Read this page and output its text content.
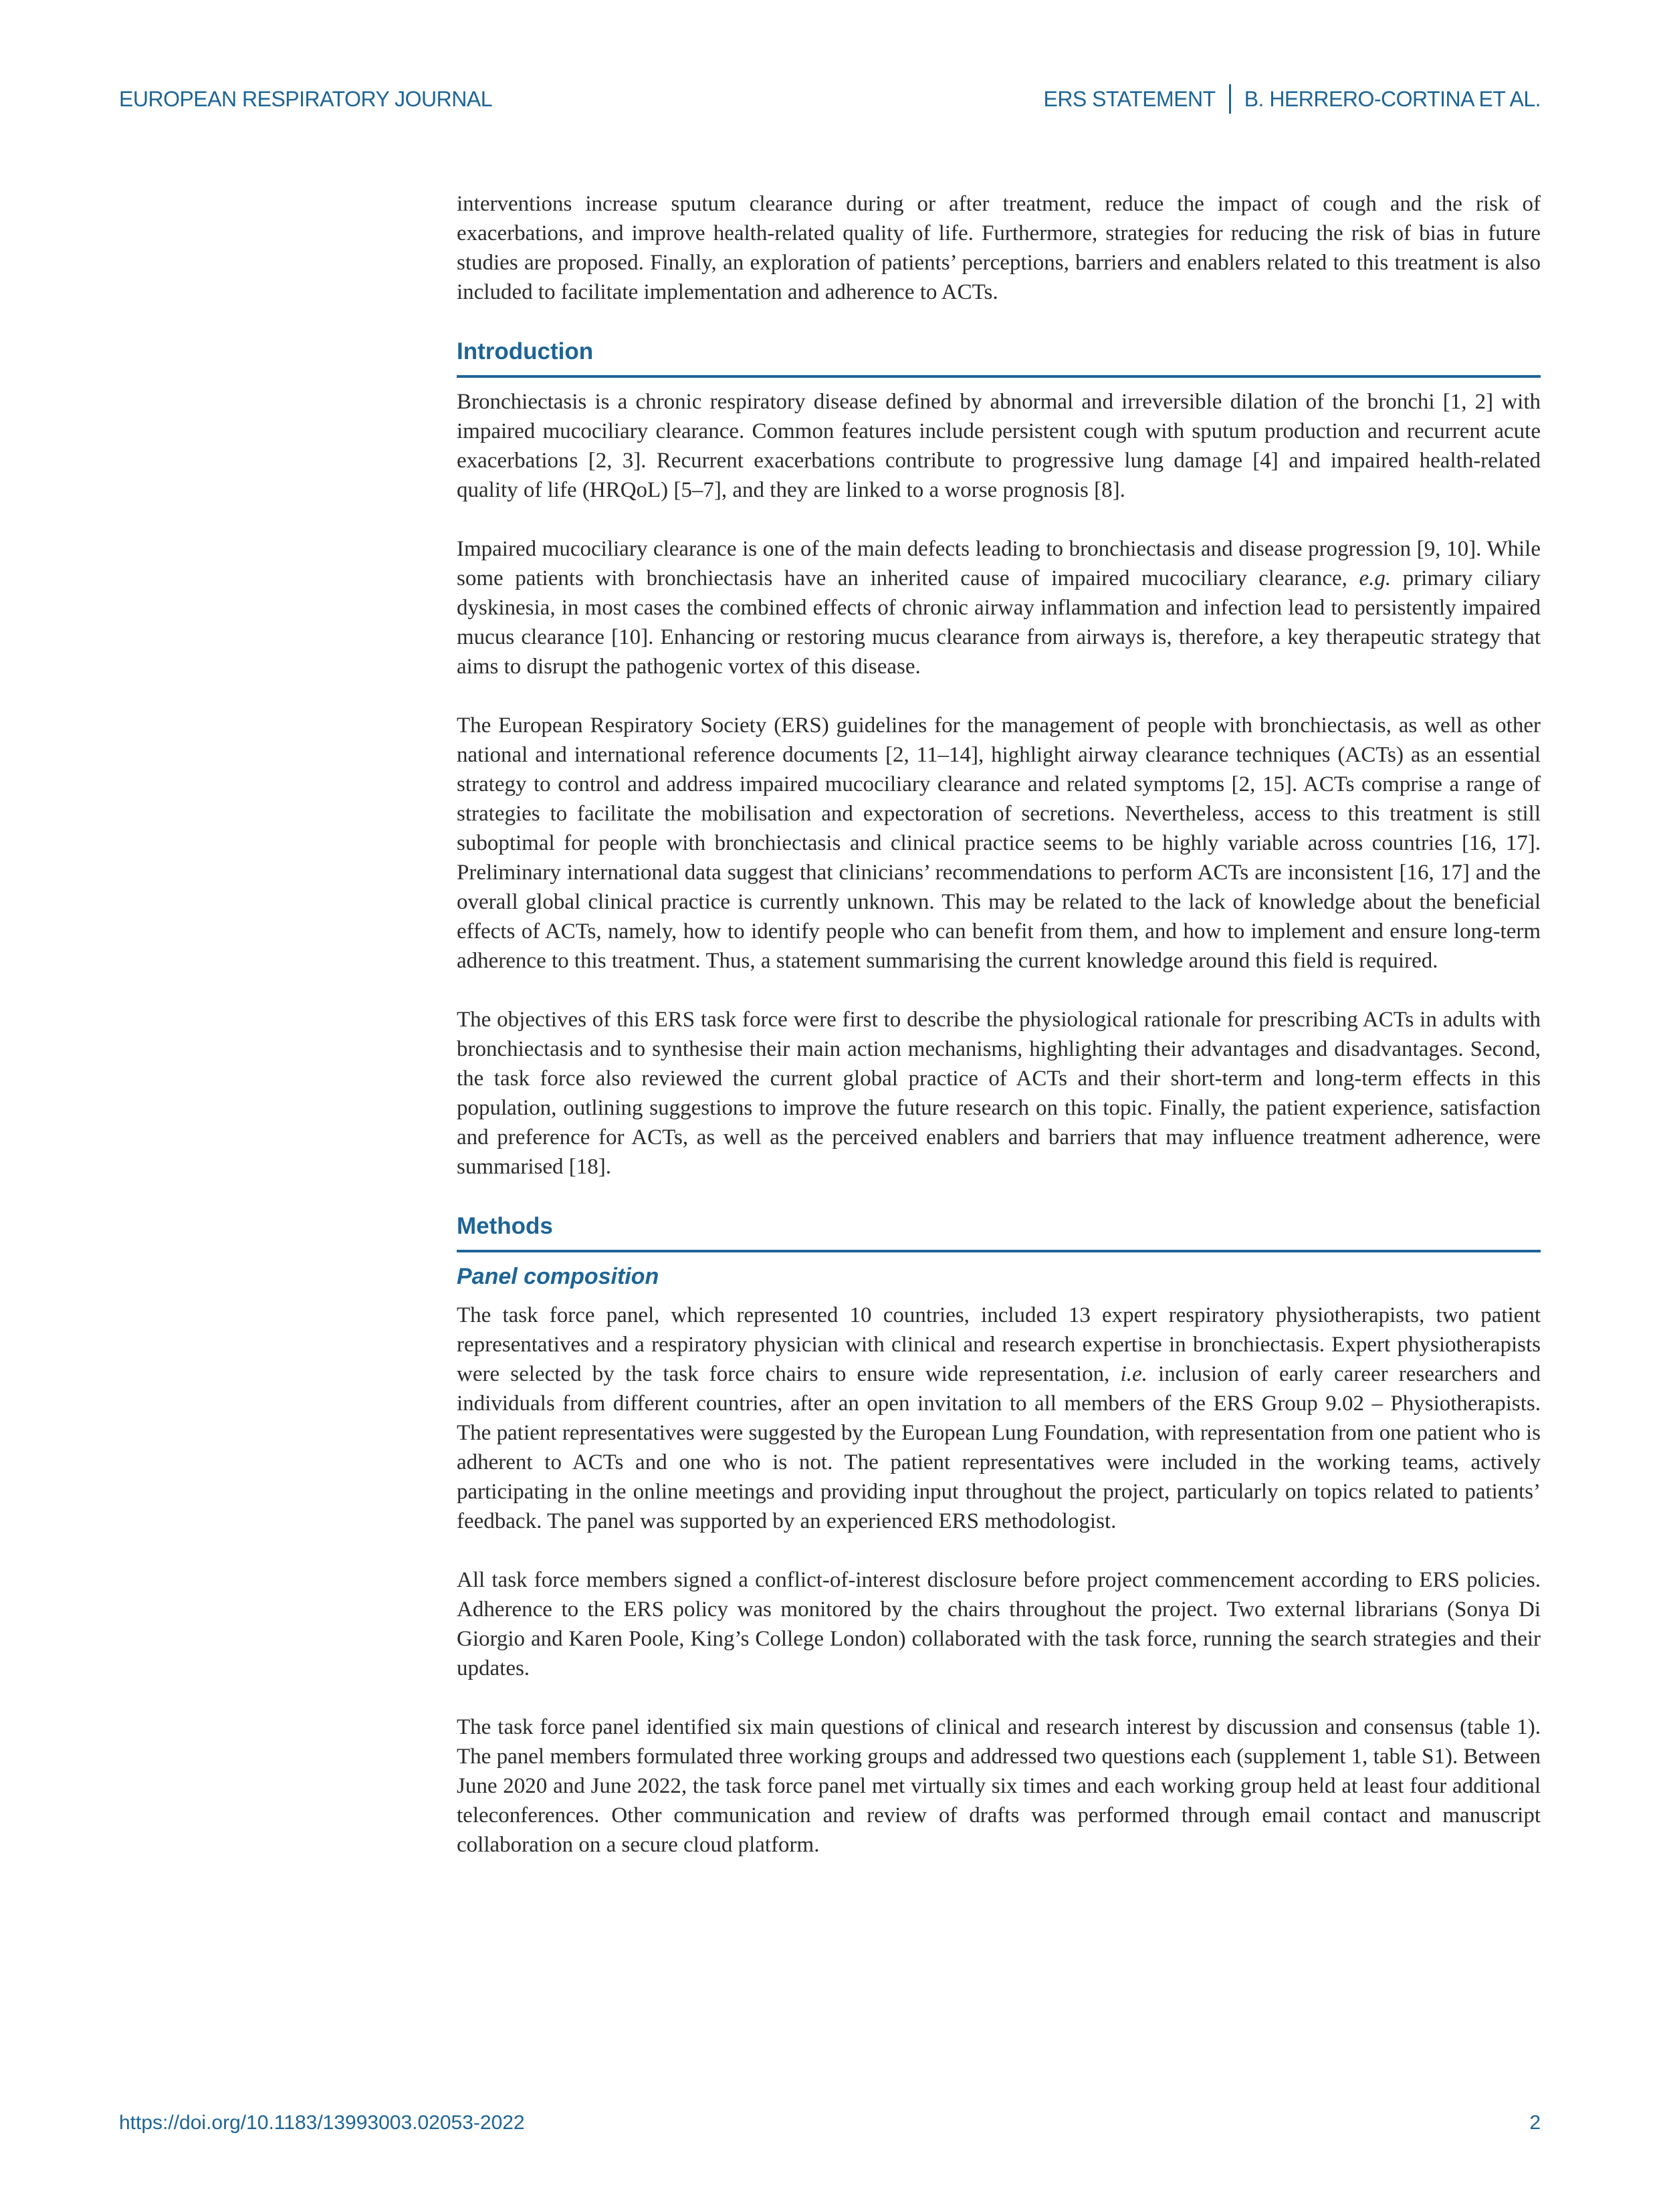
EUROPEAN RESPIRATORY JOURNAL	ERS STATEMENT B. HERRERO-CORTINA ET AL.

interventions increase sputum clearance during or after treatment, reduce the impact of cough and the risk of exacerbations, and improve health-related quality of life. Furthermore, strategies for reducing the risk of bias in future studies are proposed. Finally, an exploration of patients’ perceptions, barriers and enablers related to this treatment is also included to facilitate implementation and adherence to ACTs.

Introduction

Bronchiectasis is a chronic respiratory disease defined by abnormal and irreversible dilation of the bronchi [1, 2] with impaired mucociliary clearance. Common features include persistent cough with sputum production and recurrent acute exacerbations [2, 3]. Recurrent exacerbations contribute to progressive lung damage [4] and impaired health-related quality of life (HRQoL) [5–7], and they are linked to a worse prognosis [8].

Impaired mucociliary clearance is one of the main defects leading to bronchiectasis and disease progression [9, 10]. While some patients with bronchiectasis have an inherited cause of impaired mucociliary clearance, e.g. primary ciliary dyskinesia, in most cases the combined effects of chronic airway inflammation and infection lead to persistently impaired mucus clearance [10]. Enhancing or restoring mucus clearance from airways is, therefore, a key therapeutic strategy that aims to disrupt the pathogenic vortex of this disease.

The European Respiratory Society (ERS) guidelines for the management of people with bronchiectasis, as well as other national and international reference documents [2, 11–14], highlight airway clearance techniques (ACTs) as an essential strategy to control and address impaired mucociliary clearance and related symptoms [2, 15]. ACTs comprise a range of strategies to facilitate the mobilisation and expectoration of secretions. Nevertheless, access to this treatment is still suboptimal for people with bronchiectasis and clinical practice seems to be highly variable across countries [16, 17]. Preliminary international data suggest that clinicians’ recommendations to perform ACTs are inconsistent [16, 17] and the overall global clinical practice is currently unknown. This may be related to the lack of knowledge about the beneficial effects of ACTs, namely, how to identify people who can benefit from them, and how to implement and ensure long-term adherence to this treatment. Thus, a statement summarising the current knowledge around this field is required.

The objectives of this ERS task force were first to describe the physiological rationale for prescribing ACTs in adults with bronchiectasis and to synthesise their main action mechanisms, highlighting their advantages and disadvantages. Second, the task force also reviewed the current global practice of ACTs and their short-term and long-term effects in this population, outlining suggestions to improve the future research on this topic. Finally, the patient experience, satisfaction and preference for ACTs, as well as the perceived enablers and barriers that may influence treatment adherence, were summarised [18].

Methods
Panel composition

The task force panel, which represented 10 countries, included 13 expert respiratory physiotherapists, two patient representatives and a respiratory physician with clinical and research expertise in bronchiectasis. Expert physiotherapists were selected by the task force chairs to ensure wide representation, i.e. inclusion of early career researchers and individuals from different countries, after an open invitation to all members of the ERS Group 9.02 – Physiotherapists. The patient representatives were suggested by the European Lung Foundation, with representation from one patient who is adherent to ACTs and one who is not. The patient representatives were included in the working teams, actively participating in the online meetings and providing input throughout the project, particularly on topics related to patients’ feedback. The panel was supported by an experienced ERS methodologist.

All task force members signed a conflict-of-interest disclosure before project commencement according to ERS policies. Adherence to the ERS policy was monitored by the chairs throughout the project. Two external librarians (Sonya Di Giorgio and Karen Poole, King’s College London) collaborated with the task force, running the search strategies and their updates.

The task force panel identified six main questions of clinical and research interest by discussion and consensus (table 1). The panel members formulated three working groups and addressed two questions each (supplement 1, table S1). Between June 2020 and June 2022, the task force panel met virtually six times and each working group held at least four additional teleconferences. Other communication and review of drafts was performed through email contact and manuscript collaboration on a secure cloud platform.

https://doi.org/10.1183/13993003.02053-2022	2
